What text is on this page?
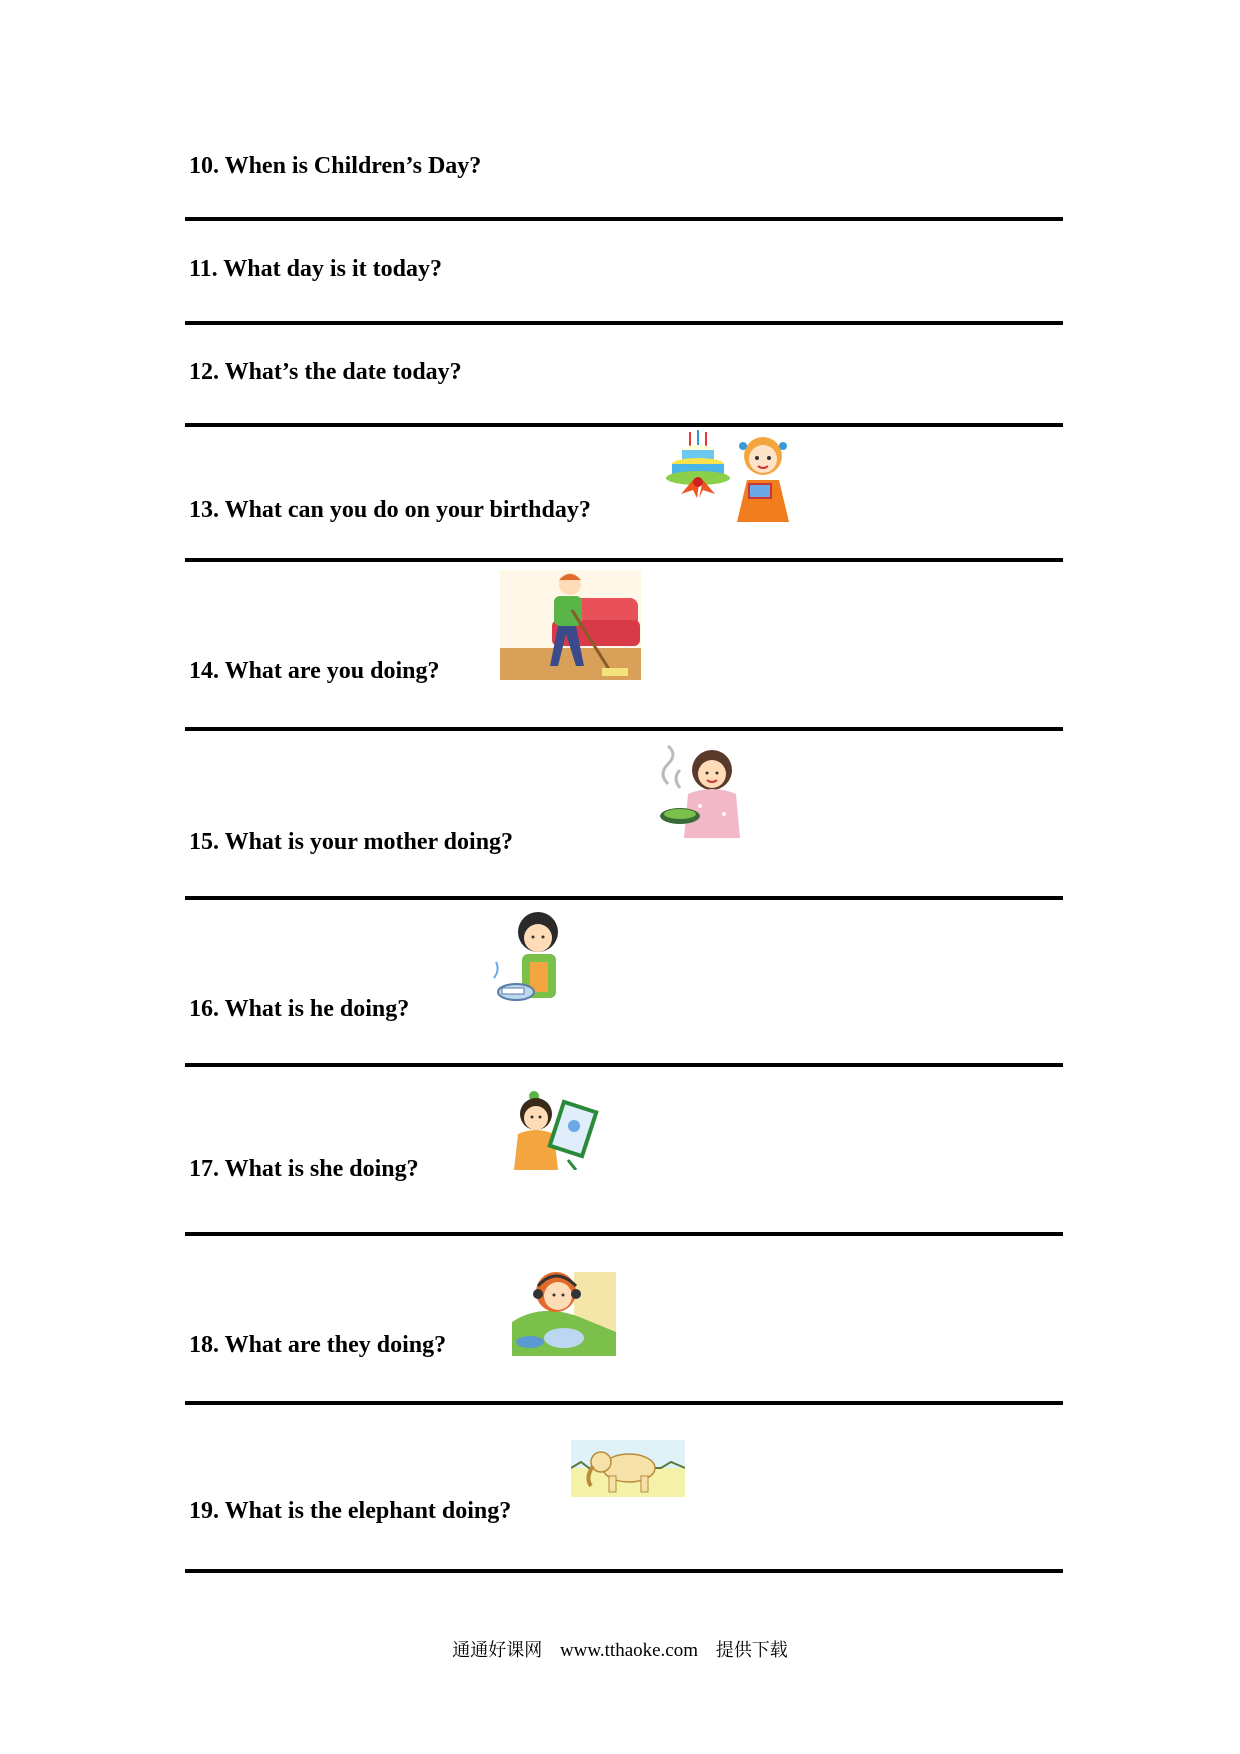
10. When is Children’s Day?
11. What day is it today?
12. What’s the date today?
13. What can you do on your birthday?
14. What are you doing?
15. What is your mother doing?
16. What is he doing?
17. What is she doing?
18. What are they doing?
19. What is the elephant doing?
通通好课网 www.tthaoke.com 提供下载
